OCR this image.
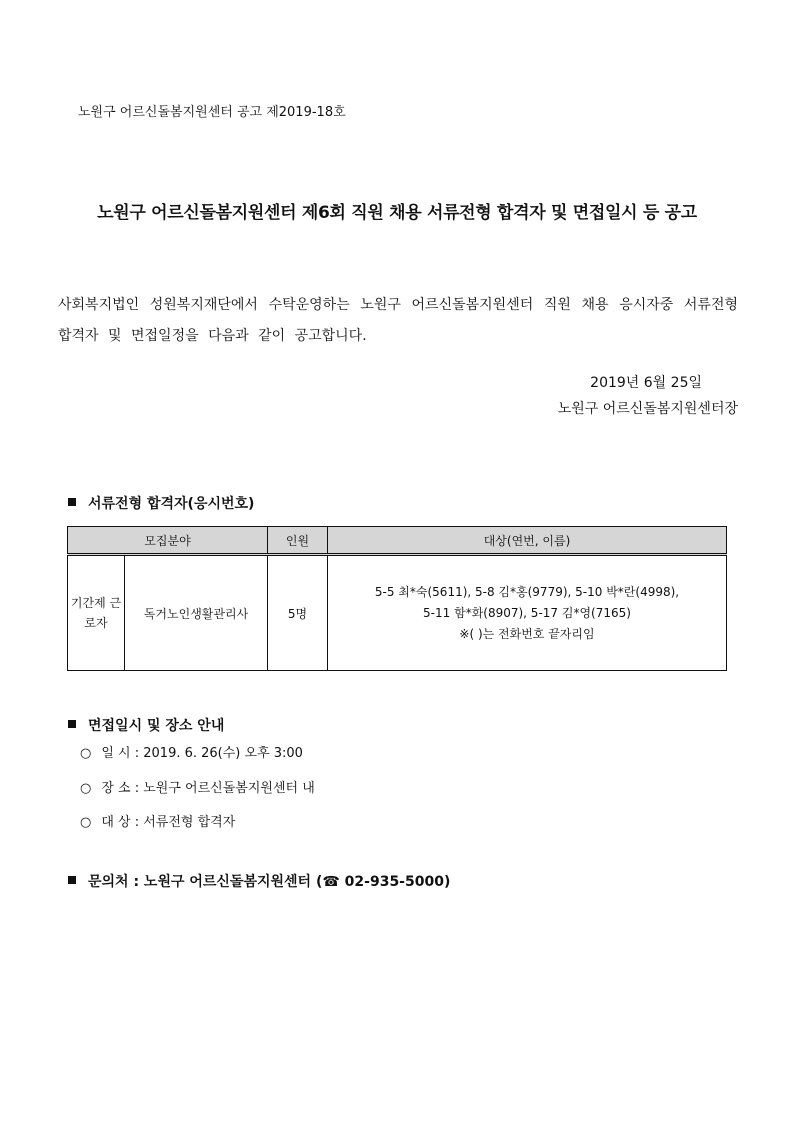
노원구 어르신돌봄지원센터 공고 제2019-18호
노원구 어르신돌봄지원센터 제6회 직원 채용 서류전형 합격자 및 면접일시 등 공고
사회복지법인 성원복지재단에서 수탁운영하는 노원구 어르신돌봄지원센터 직원 채용 응시자중 서류전형 합격자 및 면접일정을 다음과 같이 공고합니다.
2019년 6월 25일
노원구 어르신돌봄지원센터장
서류전형 합격자(응시번호)
모집분야		인원	대상(연번, 이름)
기간제 근로자	독거노인생활관리사	5명	5-5 최*숙(5611), 5-8 김*홍(9779), 5-10 박*란(4998),
5-11 함*화(8907), 5-17 김*영(7165)
※( )는 전화번호 끝자리임
면접일시 및 장소 안내
○ 일 시 : 2019. 6. 26(수) 오후 3:00
○ 장 소 : 노원구 어르신돌봄지원센터 내
○ 대 상 : 서류전형 합격자
문의처 : 노원구 어르신돌봄지원센터 (☎ 02-935-5000)
